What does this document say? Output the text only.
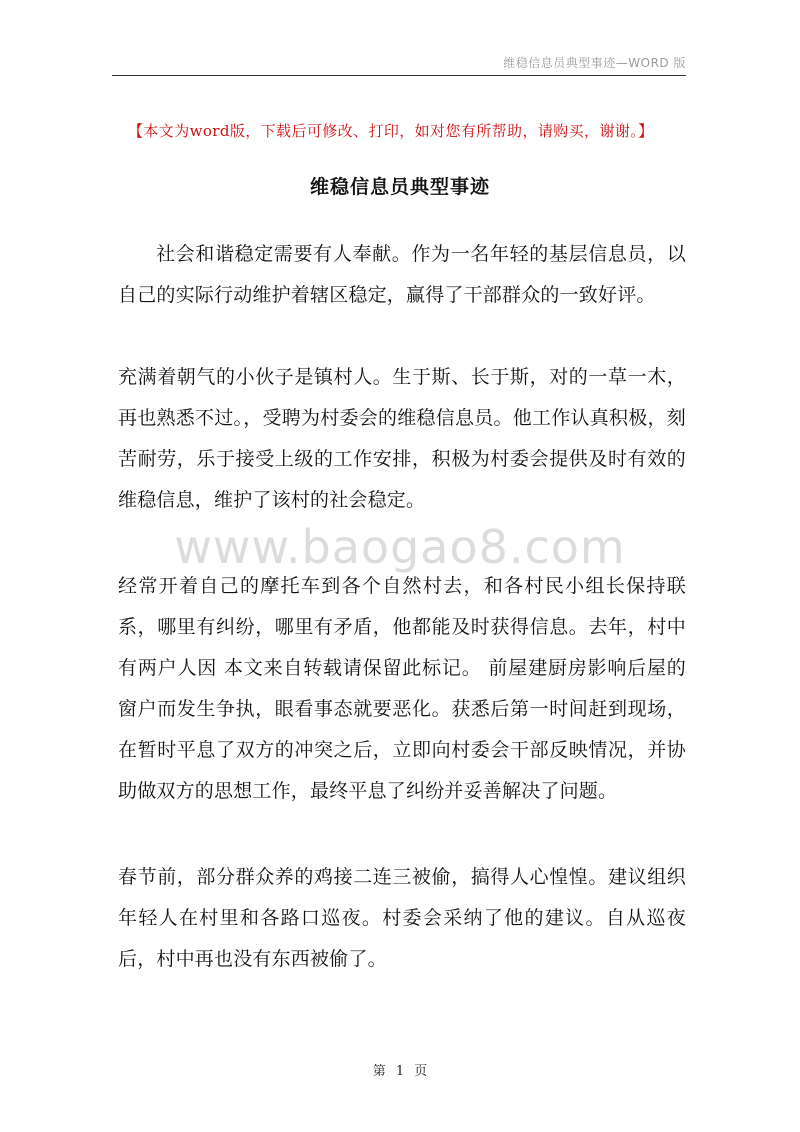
维稳信息员典型事迹—WORD 版
【本文为word版，下载后可修改、打印，如对您有所帮助，请购买，谢谢。】
维稳信息员典型事迹

社会和谐稳定需要有人奉献。作为一名年轻的基层信息员，以自己的实际行动维护着辖区稳定，赢得了干部群众的一致好评。

充满着朝气的小伙子是镇村人。生于斯、长于斯，对的一草一木，再也熟悉不过。，受聘为村委会的维稳信息员。他工作认真积极，刻苦耐劳，乐于接受上级的工作安排，积极为村委会提供及时有效的维稳信息，维护了该村的社会稳定。

www.baogao8.com

经常开着自己的摩托车到各个自然村去，和各村民小组长保持联系，哪里有纠纷，哪里有矛盾，他都能及时获得信息。去年，村中有两户人因 本文来自转载请保留此标记。 前屋建厨房影响后屋的窗户而发生争执，眼看事态就要恶化。获悉后第一时间赶到现场，在暂时平息了双方的冲突之后，立即向村委会干部反映情况，并协助做双方的思想工作，最终平息了纠纷并妥善解决了问题。

春节前，部分群众养的鸡接二连三被偷，搞得人心惶惶。建议组织年轻人在村里和各路口巡夜。村委会采纳了他的建议。自从巡夜后，村中再也没有东西被偷了。

第 1 页
